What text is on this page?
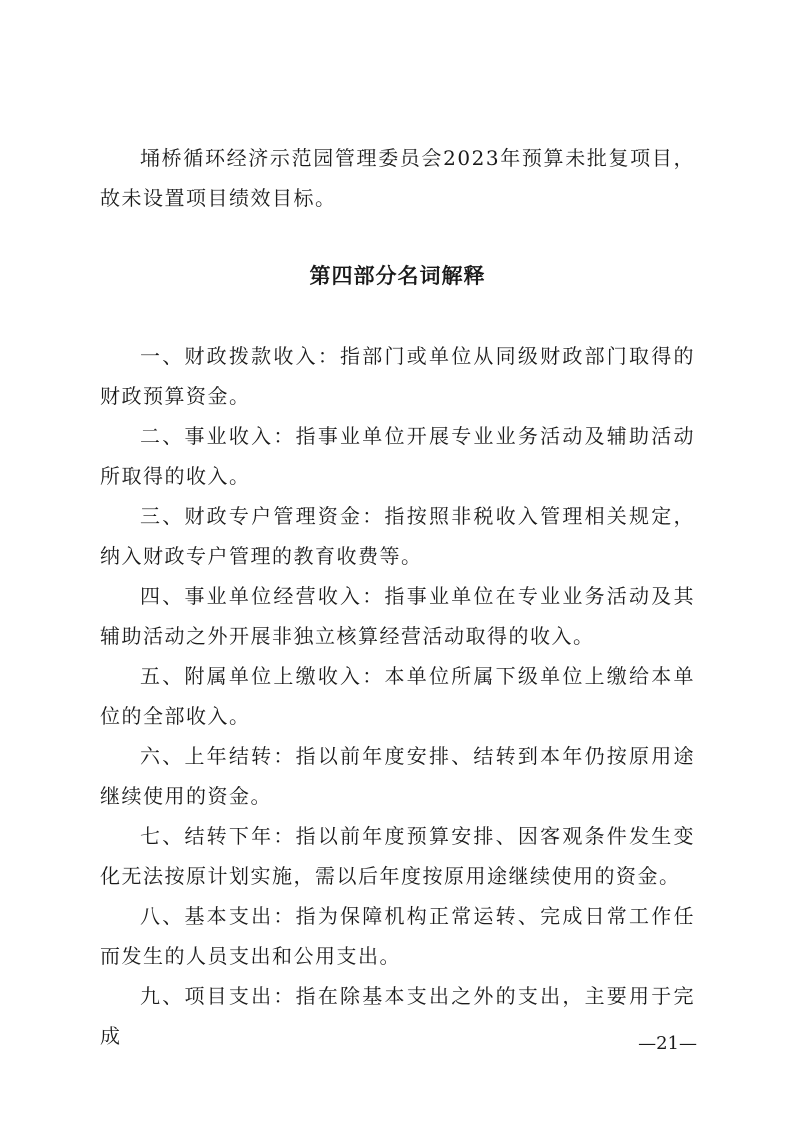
埇桥循环经济示范园管理委员会2023年预算未批复项目，故未设置项目绩效目标。

第四部分名词解释

一、财政拨款收入：指部门或单位从同级财政部门取得的财政预算资金。

二、事业收入：指事业单位开展专业业务活动及辅助活动所取得的收入。

三、财政专户管理资金：指按照非税收入管理相关规定，纳入财政专户管理的教育收费等。

四、事业单位经营收入：指事业单位在专业业务活动及其辅助活动之外开展非独立核算经营活动取得的收入。

五、附属单位上缴收入：本单位所属下级单位上缴给本单位的全部收入。

六、上年结转：指以前年度安排、结转到本年仍按原用途继续使用的资金。

七、结转下年：指以前年度预算安排、因客观条件发生变化无法按原计划实施，需以后年度按原用途继续使用的资金。

八、基本支出：指为保障机构正常运转、完成日常工作任而发生的人员支出和公用支出。

九、项目支出：指在除基本支出之外的支出，主要用于完成	—21—
